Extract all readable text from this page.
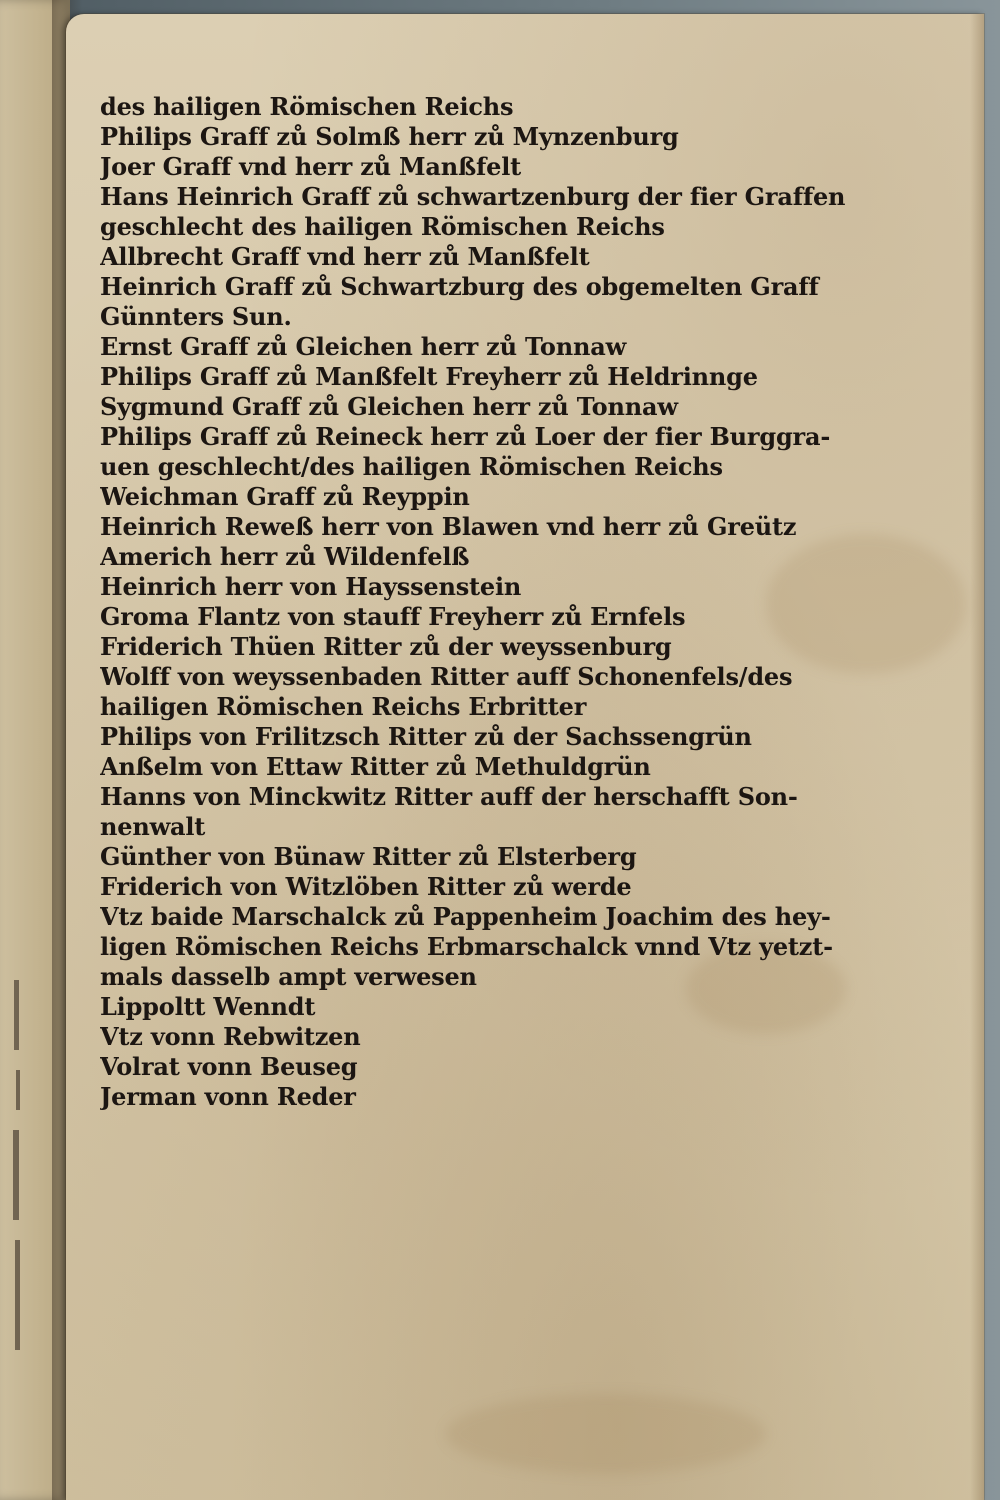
des hailigen Römischen Reichs
Philips Graff zů Solmß herr zů Mynzenburg
Joer Graff vnd herr zů Manßfelt
Hans Heinrich Graff zů schwartzenburg der fier Graffen
geschlecht des hailigen Römischen Reichs
Allbrecht Graff vnd herr zů Manßfelt
Heinrich Graff zů Schwartzburg des obgemelten Graff
Günnters Sun.
Ernst Graff zů Gleichen herr zů Tonnaw
Philips Graff zů Manßfelt Freyherr zů Heldrinnge
Sygmund Graff zů Gleichen herr zů Tonnaw
Philips Graff zů Reineck herr zů Loer der fier Burggra-
uen geschlecht/des hailigen Römischen Reichs
Weichman Graff zů Reyppin
Heinrich Reweß herr von Blawen vnd herr zů Greütz
Americh herr zů Wildenfelß
Heinrich herr von Hayssenstein
Groma Flantz von stauff Freyherr zů Ernfels
Friderich Thüen Ritter zů der weyssenburg
Wolff von weyssenbaden Ritter auff Schonenfels/des
hailigen Römischen Reichs Erbritter
Philips von Frilitzsch Ritter zů der Sachssengrün
Anßelm von Ettaw Ritter zů Methuldgrün
Hanns von Minckwitz Ritter auff der herschafft Son-
nenwalt
Günther von Bünaw Ritter zů Elsterberg
Friderich von Witzlöben Ritter zů werde
Vtz baide Marschalck zů Pappenheim Joachim des hey-
ligen Römischen Reichs Erbmarschalck vnnd Vtz yetzt-
mals dasselb ampt verwesen
Lippoltt Wenndt
Vtz vonn Rebwitzen
Volrat vonn Beuseg
Jerman vonn Reder
